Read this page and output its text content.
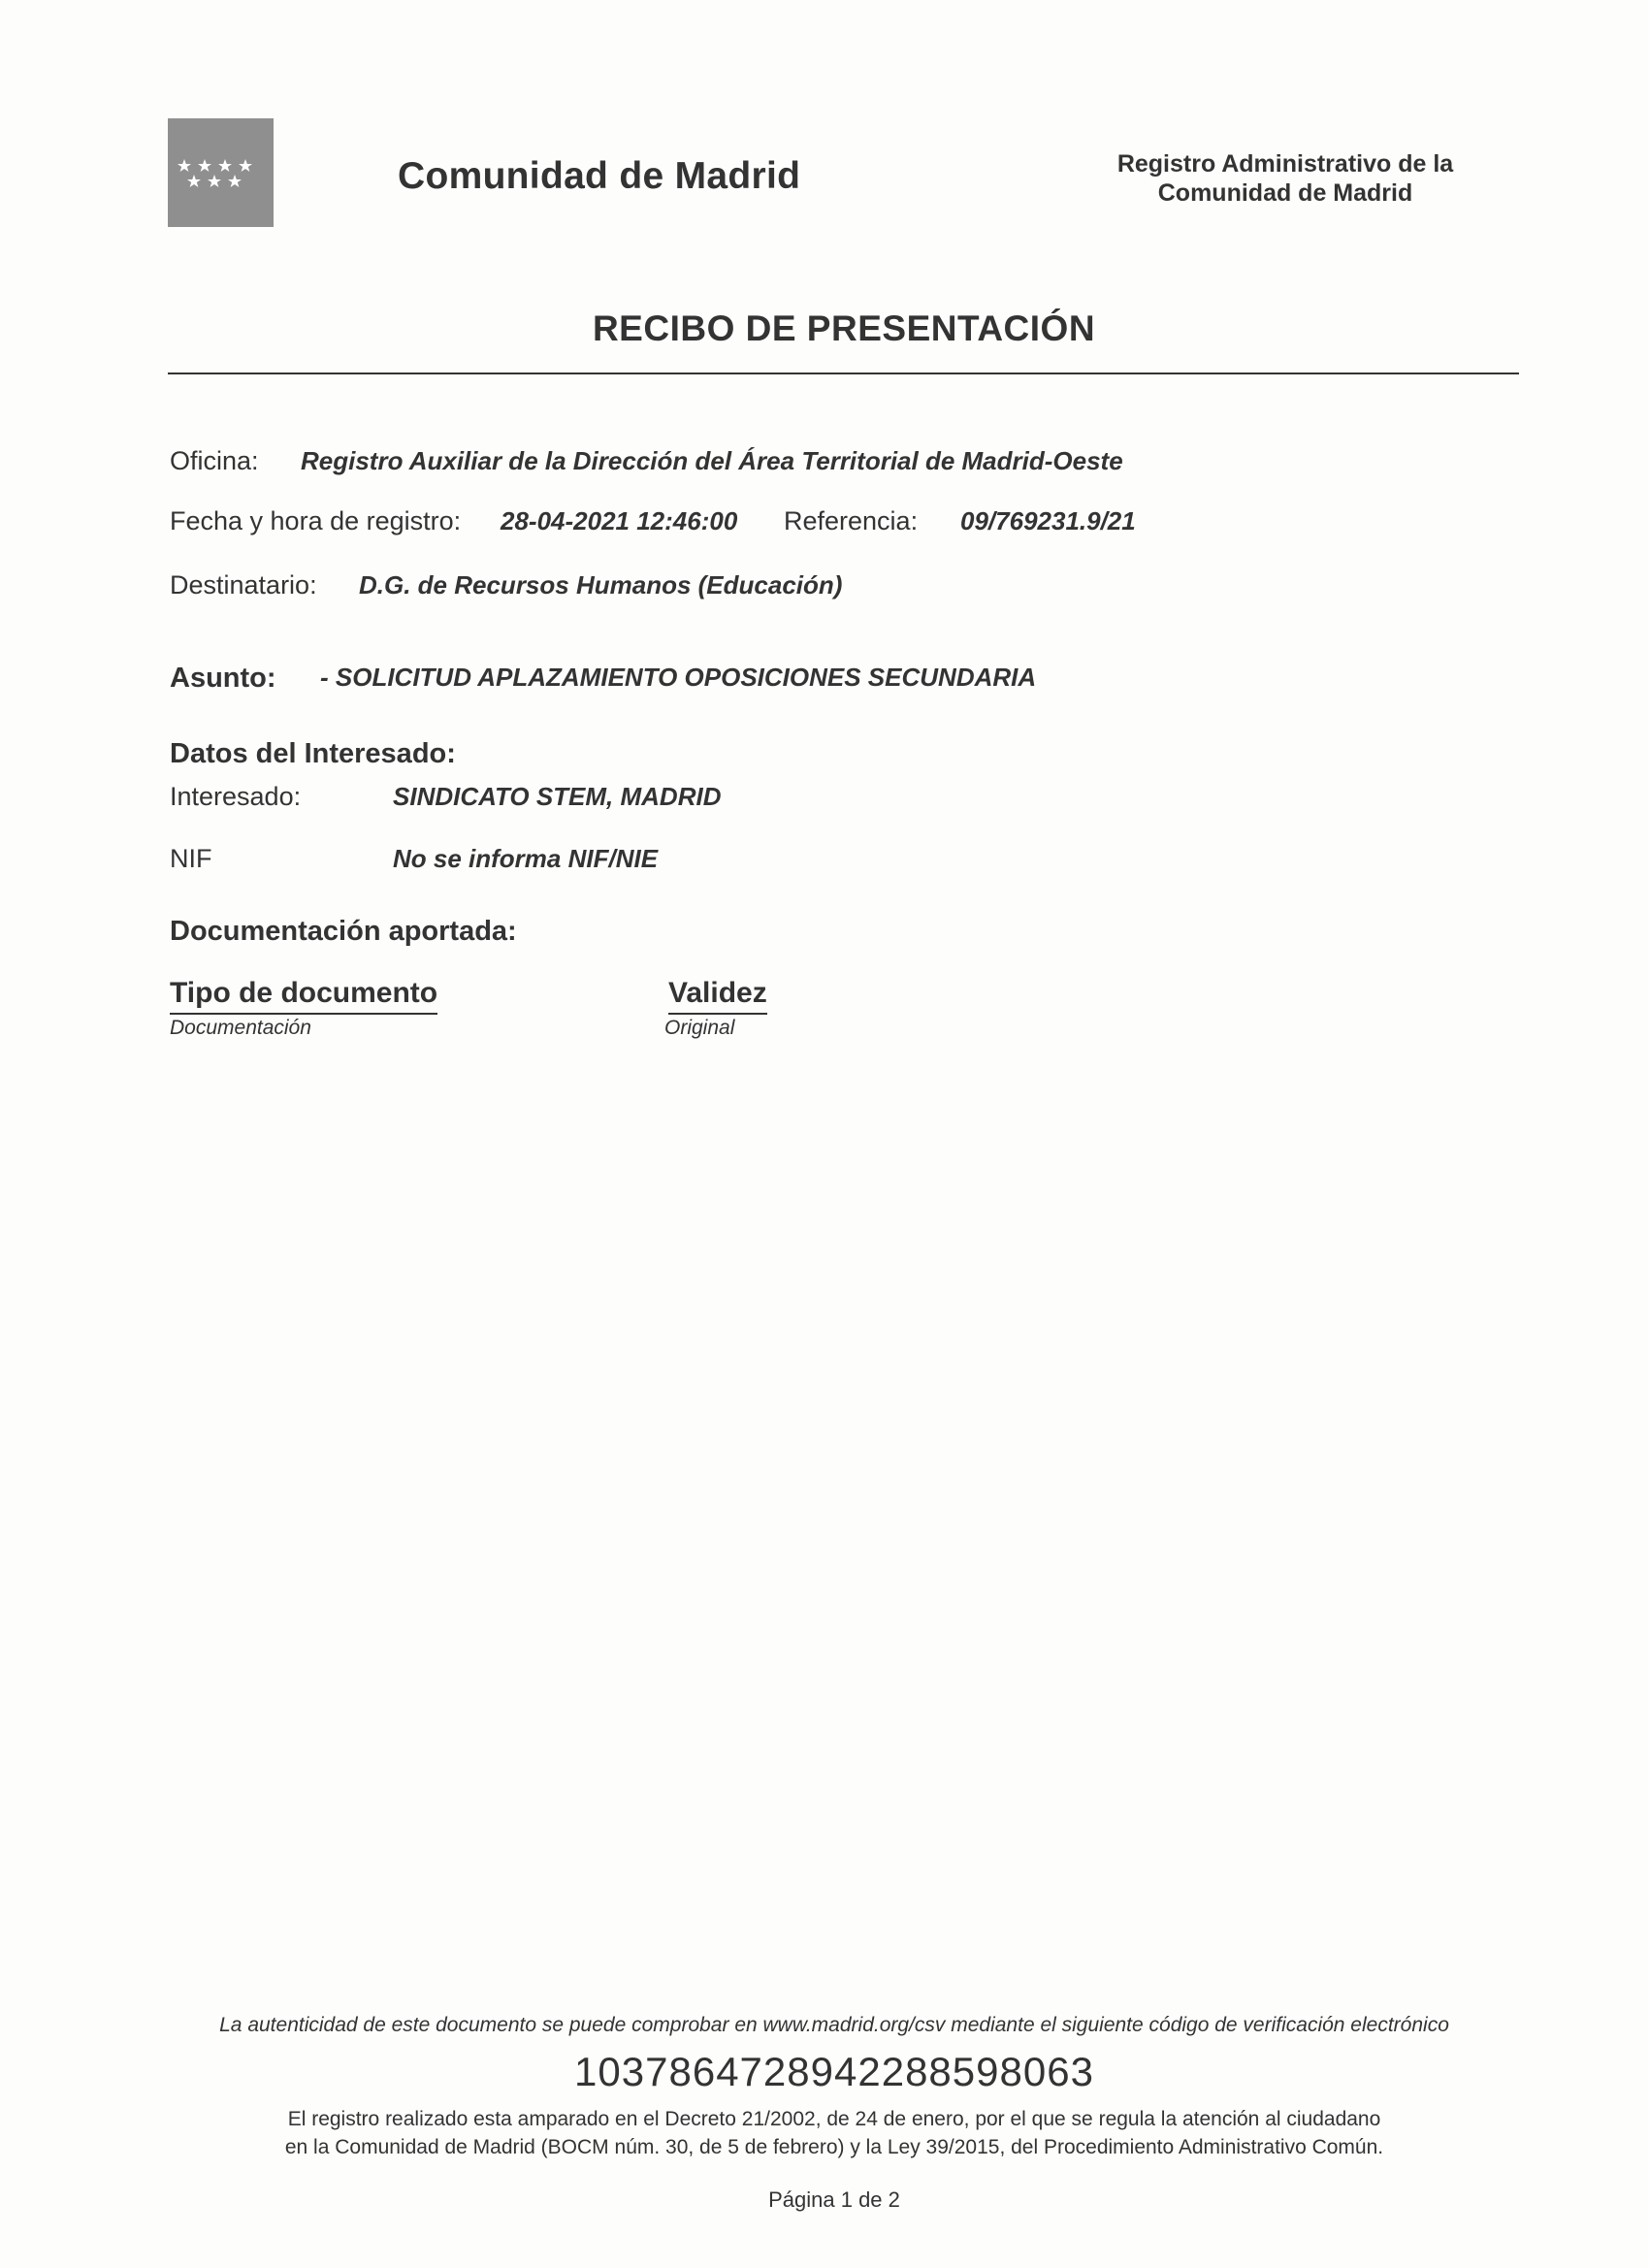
Comunidad de Madrid	Registro Administrativo de la
Comunidad de Madrid
RECIBO DE PRESENTACIÓN
Oficina: Registro Auxiliar de la Dirección del Área Territorial de Madrid-Oeste
Fecha y hora de registro: 28-04-2021 12:46:00 Referencia: 09/769231.9/21
Destinatario: D.G. de Recursos Humanos (Educación)
Asunto: - SOLICITUD APLAZAMIENTO OPOSICIONES SECUNDARIA
Datos del Interesado:
Interesado:	SINDICATO STEM, MADRID
NIF	No se informa NIF/NIE
Documentación aportada:
Tipo de documento	Validez
Documentación	Original
La autenticidad de este documento se puede comprobar en www.madrid.org/csv mediante el siguiente código de verificación electrónico
1037864728942288598063
El registro realizado esta amparado en el Decreto 21/2002, de 24 de enero, por el que se regula la atención al ciudadano
en la Comunidad de Madrid (BOCM núm. 30, de 5 de febrero) y la Ley 39/2015, del Procedimiento Administrativo Común.
Página 1 de 2
